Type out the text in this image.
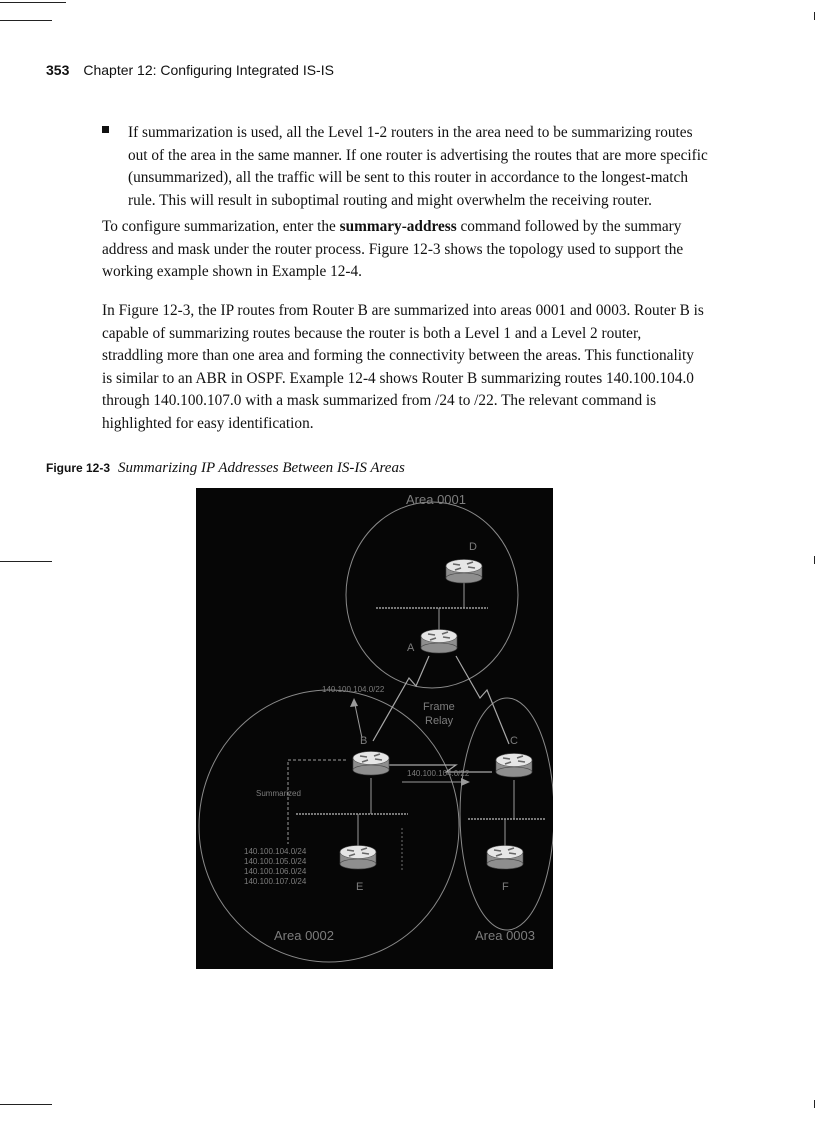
353 Chapter 12: Configuring Integrated IS-IS
If summarization is used, all the Level 1-2 routers in the area need to be summarizing routes out of the area in the same manner. If one router is advertising the routes that are more specific (unsummarized), all the traffic will be sent to this router in accordance to the longest-match rule. This will result in suboptimal routing and might overwhelm the receiving router.

To configure summarization, enter the summary-address command followed by the summary address and mask under the router process. Figure 12-3 shows the topology used to support the working example shown in Example 12-4.

In Figure 12-3, the IP routes from Router B are summarized into areas 0001 and 0003. Router B is capable of summarizing routes because the router is both a Level 1 and a Level 2 router, straddling more than one area and forming the connectivity between the areas. This functionality is similar to an ABR in OSPF. Example 12-4 shows Router B summarizing routes 140.100.104.0 through 140.100.107.0 with a mask summarized from /24 to /22. The relevant command is highlighted for easy identification.

Figure 12-3 Summarizing IP Addresses Between IS-IS Areas
Area 0001
Area 0002	Area 0003
D
A
B	C
E	F
Frame
Relay
140.100.104.0/22
140.100.104.0/22
Summarized
140.100.104.0/24
140.100.105.0/24
140.100.106.0/24
140.100.107.0/24
